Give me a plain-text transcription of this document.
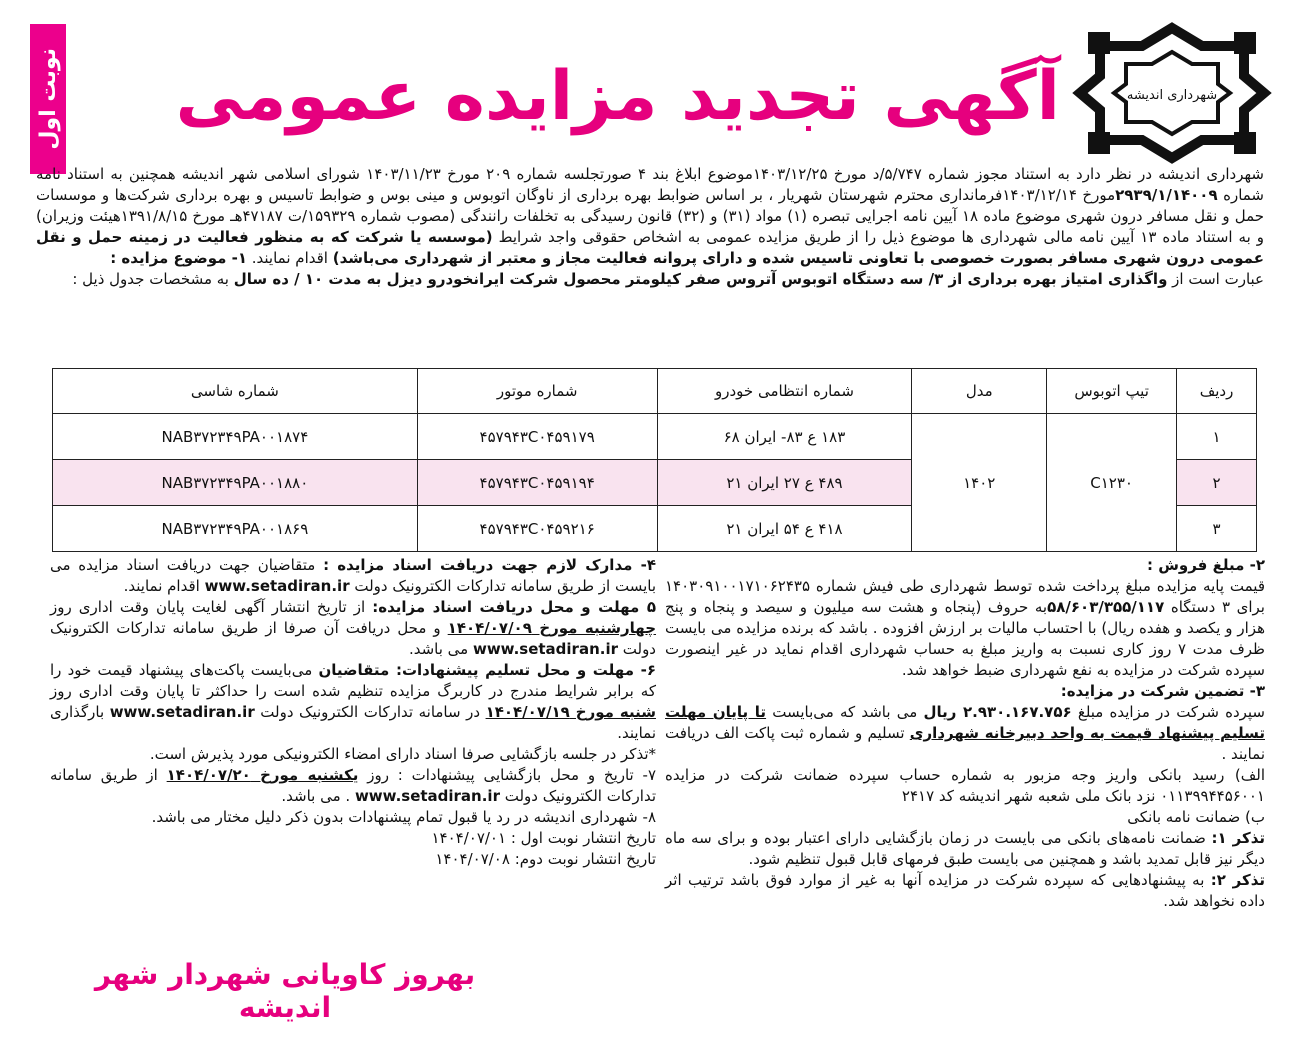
نوبت اول	شهرداری اندیشه
آگهی تجدید مزایده عمومی
شهرداری اندیشه در نظر دارد به استناد مجوز شماره ۵/۷۴۷/د مورخ ۱۴۰۳/۱۲/۲۵موضوع ابلاغ بند ۴ صورتجلسه شماره ۲۰۹ مورخ ۱۴۰۳/۱۱/۲۳ شورای اسلامی شهر اندیشه همچنین به استناد نامه شماره ۲۹۳۹/۱/۱۴۰۰۹مورخ ۱۴۰۳/۱۲/۱۴فرمانداری محترم شهرستان شهریار ، بر اساس ضوابط بهره برداری از ناوگان اتوبوس و مینی بوس و ضوابط تاسیس و بهره برداری شرکت‌ها و موسسات حمل و نقل مسافر درون شهری موضوع ماده ۱۸ آیین نامه اجرایی تبصره (۱) مواد (۳۱) و (۳۲) قانون رسیدگی به تخلفات رانندگی (مصوب شماره ۱۵۹۳۲۹/ت ۴۷۱۸۷هـ مورخ ۱۳۹۱/۸/۱۵هیئت وزیران) و به استناد ماده ۱۳ آیین نامه مالی شهرداری ها موضوع ذیل را از طریق مزایده عمومی به اشخاص حقوقی واجد شرایط (موسسه یا شرکت که به منظور فعالیت در زمینه حمل و نقل عمومی درون شهری مسافر بصورت خصوصی با تعاونی تاسیس شده و دارای پروانه فعالیت مجاز و معتبر از شهرداری می‌باشد) اقدام نمایند. ۱- موضوع مزایده :
عبارت است از واگذاری امتیاز بهره برداری از ۳/ سه دستگاه اتوبوس آتروس صفر کیلومتر محصول شرکت ایرانخودرو دیزل به مدت ۱۰ / ده سال به مشخصات جدول ذیل :
ردیف	تیپ اتوبوس	مدل	شماره انتظامی خودرو	شماره موتور	شماره شاسی
۱	C۱۲۳۰	۱۴۰۲	۱۸۳ ع ۸۳- ایران ۶۸	۴۵۷۹۴۳C۰۴۵۹۱۷۹	NAB۳۷۲۳۴۹PA۰۰۱۸۷۴
۲			۴۸۹ ع ۲۷ ایران ۲۱	۴۵۷۹۴۳C۰۴۵۹۱۹۴	NAB۳۷۲۳۴۹PA۰۰۱۸۸۰
۳			۴۱۸ ع ۵۴ ایران ۲۱	۴۵۷۹۴۳C۰۴۵۹۲۱۶	NAB۳۷۲۳۴۹PA۰۰۱۸۶۹
۲- مبلغ فروش :
قیمت پایه مزایده مبلغ پرداخت شده توسط شهرداری طی فیش شماره ۱۴۰۳۰۹۱۰۰۱۷۱۰۶۲۴۳۵ برای ۳ دستگاه ۵۸/۶۰۳/۳۵۵/۱۱۷به حروف (پنجاه و هشت سه میلیون و سیصد و پنجاه و پنج هزار و یکصد و هفده ریال) با احتساب مالیات بر ارزش افزوده . باشد که برنده مزایده می بایست ظرف مدت ۷ روز کاری نسبت به واریز مبلغ به حساب شهرداری اقدام نماید در غیر اینصورت سپرده شرکت در مزایده به نفع شهرداری ضبط خواهد شد.
۳- تضمین شرکت در مزایده:
سپرده شرکت در مزایده مبلغ ۲.۹۳۰.۱۶۷.۷۵۶ ریال می باشد که می‌بایست تا پایان مهلت تسلیم پیشنهاد قیمت به واحد دبیرخانه شهرداری تسلیم و شماره ثبت پاکت الف دریافت نمایند .
الف) رسید بانکی واریز وجه مزبور به شماره حساب سپرده ضمانت شرکت در مزایده ۰۱۱۳۹۹۴۴۵۶۰۰۱ نزد بانک ملی شعبه شهر اندیشه کد ۲۴۱۷
ب) ضمانت نامه بانکی
تذکر ۱: ضمانت نامه‌های بانکی می بایست در زمان بازگشایی دارای اعتبار بوده و برای سه ماه دیگر نیز قابل تمدید باشد و همچنین می بایست طبق فرمهای قابل قبول تنظیم شود.
تذکر ۲: به پیشنهادهایی که سپرده شرکت در مزایده آنها به غیر از موارد فوق باشد ترتیب اثر داده نخواهد شد.
۴- مدارک لازم جهت دریافت اسناد مزایده : متقاضیان جهت دریافت اسناد مزایده می بایست از طریق سامانه تدارکات الکترونیک دولت www.setadiran.ir اقدام نمایند.
۵ مهلت و محل دریافت اسناد مزایده: از تاریخ انتشار آگهی لغایت پایان وقت اداری روز چهارشنبه مورخ ۱۴۰۴/۰۷/۰۹ و محل دریافت آن صرفا از طریق سامانه تدارکات الکترونیک دولت www.setadiran.ir می باشد.
۶- مهلت و محل تسلیم پیشنهادات: متقاضیان می‌بایست پاکت‌های پیشنهاد قیمت خود را که برابر شرایط مندرج در کاربرگ مزایده تنظیم شده است را حداکثر تا پایان وقت اداری روز شنبه مورخ ۱۴۰۴/۰۷/۱۹ در سامانه تدارکات الکترونیک دولت www.setadiran.ir بارگذاری نمایند.
*تذکر در جلسه بازگشایی صرفا اسناد دارای امضاء الکترونیکی مورد پذیرش است.
۷- تاریخ و محل بازگشایی پیشنهادات : روز یکشنبه مورخ ۱۴۰۴/۰۷/۲۰ از طریق سامانه تدارکات الکترونیک دولت www.setadiran.ir . می باشد.
۸- شهرداری اندیشه در رد یا قبول تمام پیشنهادات بدون ذکر دلیل مختار می باشد.
تاریخ انتشار نوبت اول : ۱۴۰۴/۰۷/۰۱
تاریخ انتشار نوبت دوم: ۱۴۰۴/۰۷/۰۸
بهروز کاویانی شهردار شهر اندیشه
